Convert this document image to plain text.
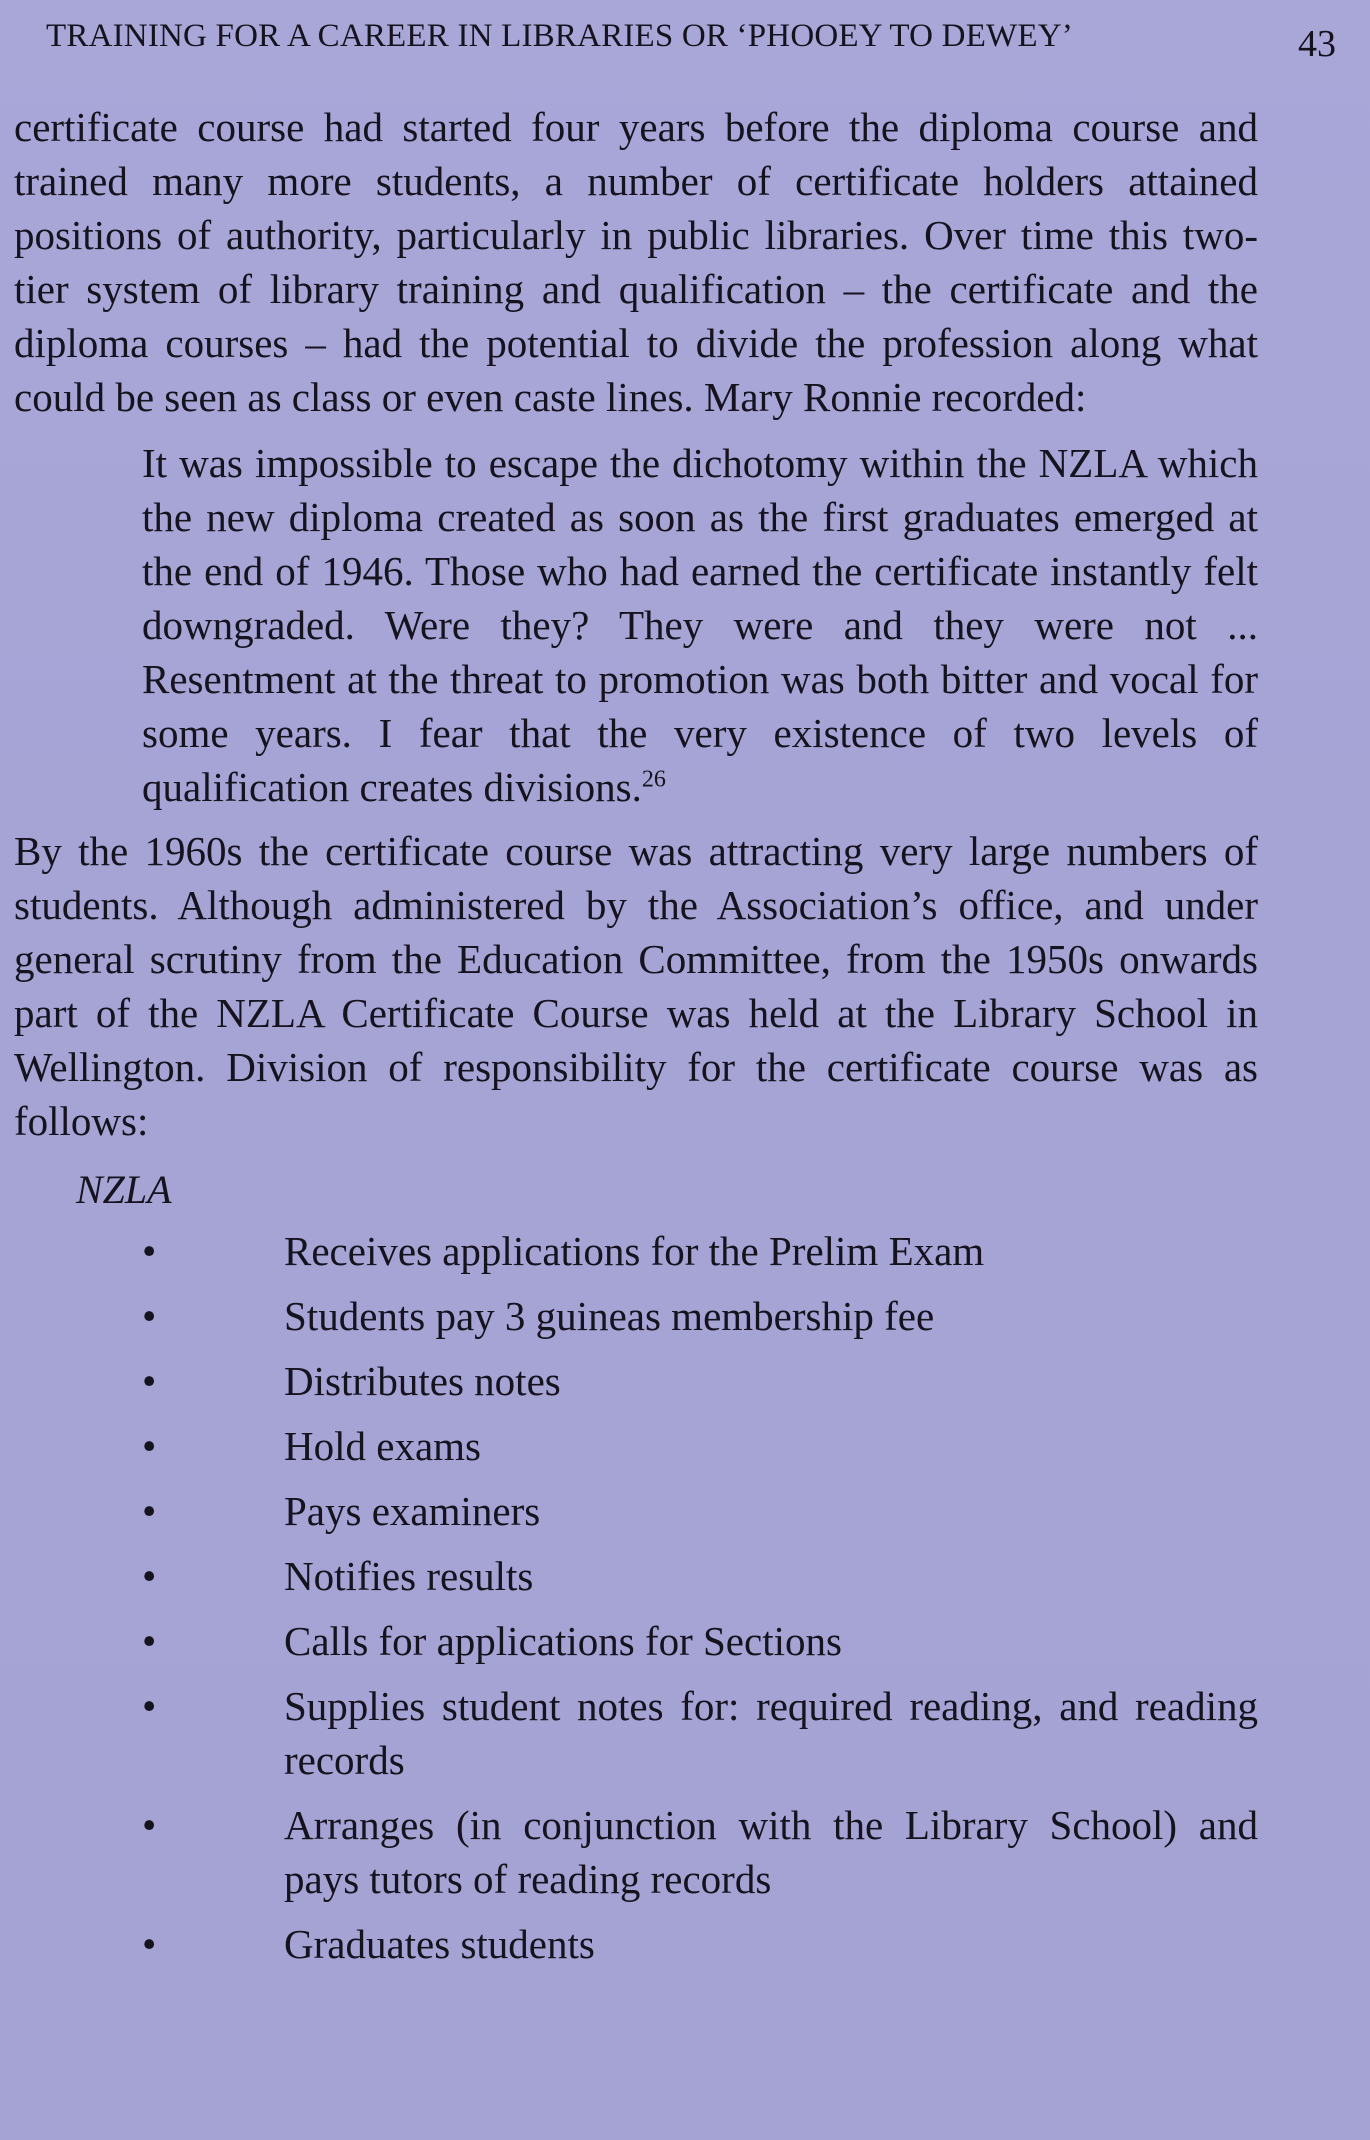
TRAINING FOR A CAREER IN LIBRARIES OR ‘PHOOEY TO DEWEY’	43

certificate course had started four years before the diploma course and trained many more students, a number of certificate holders attained positions of authority, particularly in public libraries. Over time this two-tier system of library training and qualification – the certificate and the diploma courses – had the potential to divide the profession along what could be seen as class or even caste lines. Mary Ronnie recorded:

It was impossible to escape the dichotomy within the NZLA which the new diploma created as soon as the first graduates emerged at the end of 1946. Those who had earned the certificate instantly felt downgraded. Were they? They were and they were not ... Resentment at the threat to promotion was both bitter and vocal for some years. I fear that the very existence of two levels of qualification creates divisions.$^{26}$

By the 1960s the certificate course was attracting very large numbers of students. Although administered by the Association’s office, and under general scrutiny from the Education Committee, from the 1950s onwards part of the NZLA Certificate Course was held at the Library School in Wellington. Division of responsibility for the certificate course was as follows:

NZLA
•	Receives applications for the Prelim Exam
•	Students pay 3 guineas membership fee
•	Distributes notes
•	Hold exams
•	Pays examiners
•	Notifies results
•	Calls for applications for Sections
•	Supplies student notes for: required reading, and reading records
•	Arranges (in conjunction with the Library School) and pays tutors of reading records
•	Graduates students
